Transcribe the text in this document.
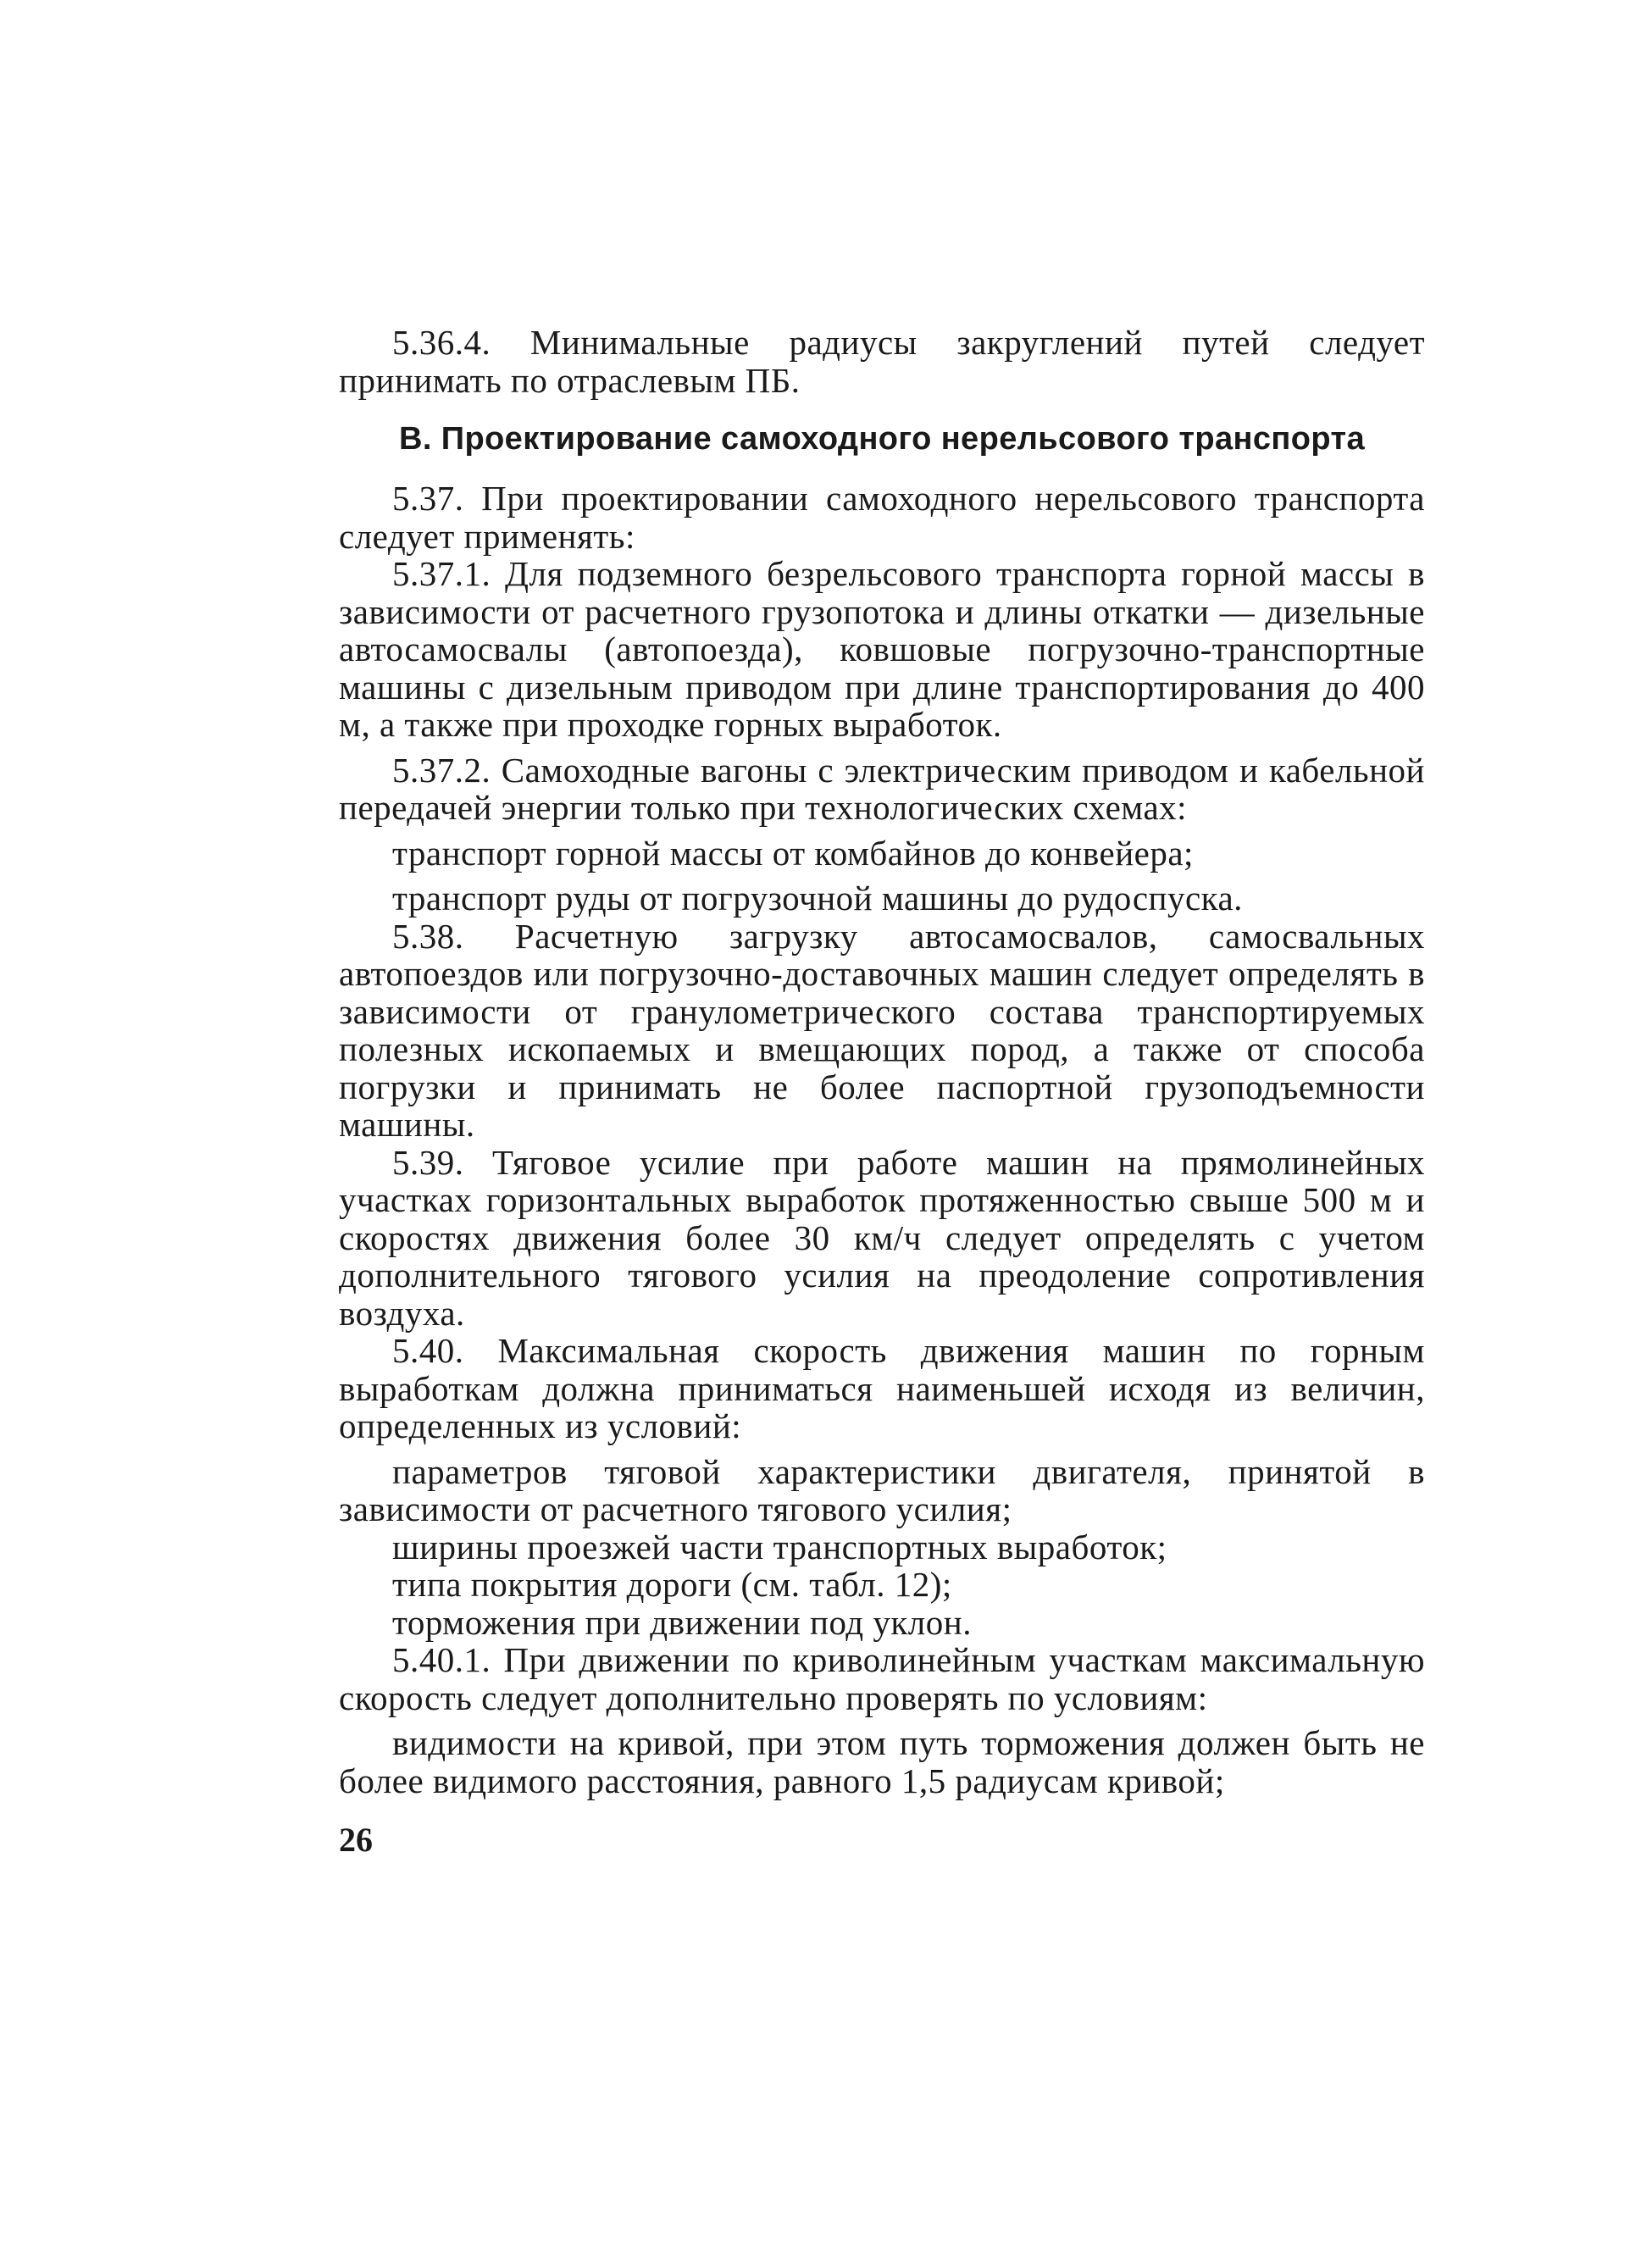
5.36.4. Минимальные радиусы закруглений путей следует принимать по отраслевым ПБ.

В. Проектирование самоходного нерельсового транспорта

5.37. При проектировании самоходного нерельсового транспорта следует применять:

5.37.1. Для подземного безрельсового транспорта горной массы в зависимости от расчетного грузопотока и длины откатки — дизельные автосамосвалы (автопоезда), ковшовые погрузочно-транспортные машины с дизельным приводом при длине транспортирования до 400 м, а также при проходке горных выработок.

5.37.2. Самоходные вагоны с электрическим приводом и кабельной передачей энергии только при технологических схемах:

транспорт горной массы от комбайнов до конвейера;

транспорт руды от погрузочной машины до рудоспуска.

5.38. Расчетную загрузку автосамосвалов, самосвальных автопоездов или погрузочно-доставочных машин следует определять в зависимости от гранулометрического состава транспортируемых полезных ископаемых и вмещающих пород, а также от способа погрузки и принимать не более паспортной грузоподъемности машины.

5.39. Тяговое усилие при работе машин на прямолинейных участках горизонтальных выработок протяженностью свыше 500 м и скоростях движения более 30 км/ч следует определять с учетом дополнительного тягового усилия на преодоление сопротивления воздуха.

5.40. Максимальная скорость движения машин по горным выработкам должна приниматься наименьшей исходя из величин, определенных из условий:

параметров тяговой характеристики двигателя, принятой в зависимости от расчетного тягового усилия;

ширины проезжей части транспортных выработок;

типа покрытия дороги (см. табл. 12);

торможения при движении под уклон.

5.40.1. При движении по криволинейным участкам максимальную скорость следует дополнительно проверять по условиям:

видимости на кривой, при этом путь торможения должен быть не более видимого расстояния, равного 1,5 радиусам кривой;

26
